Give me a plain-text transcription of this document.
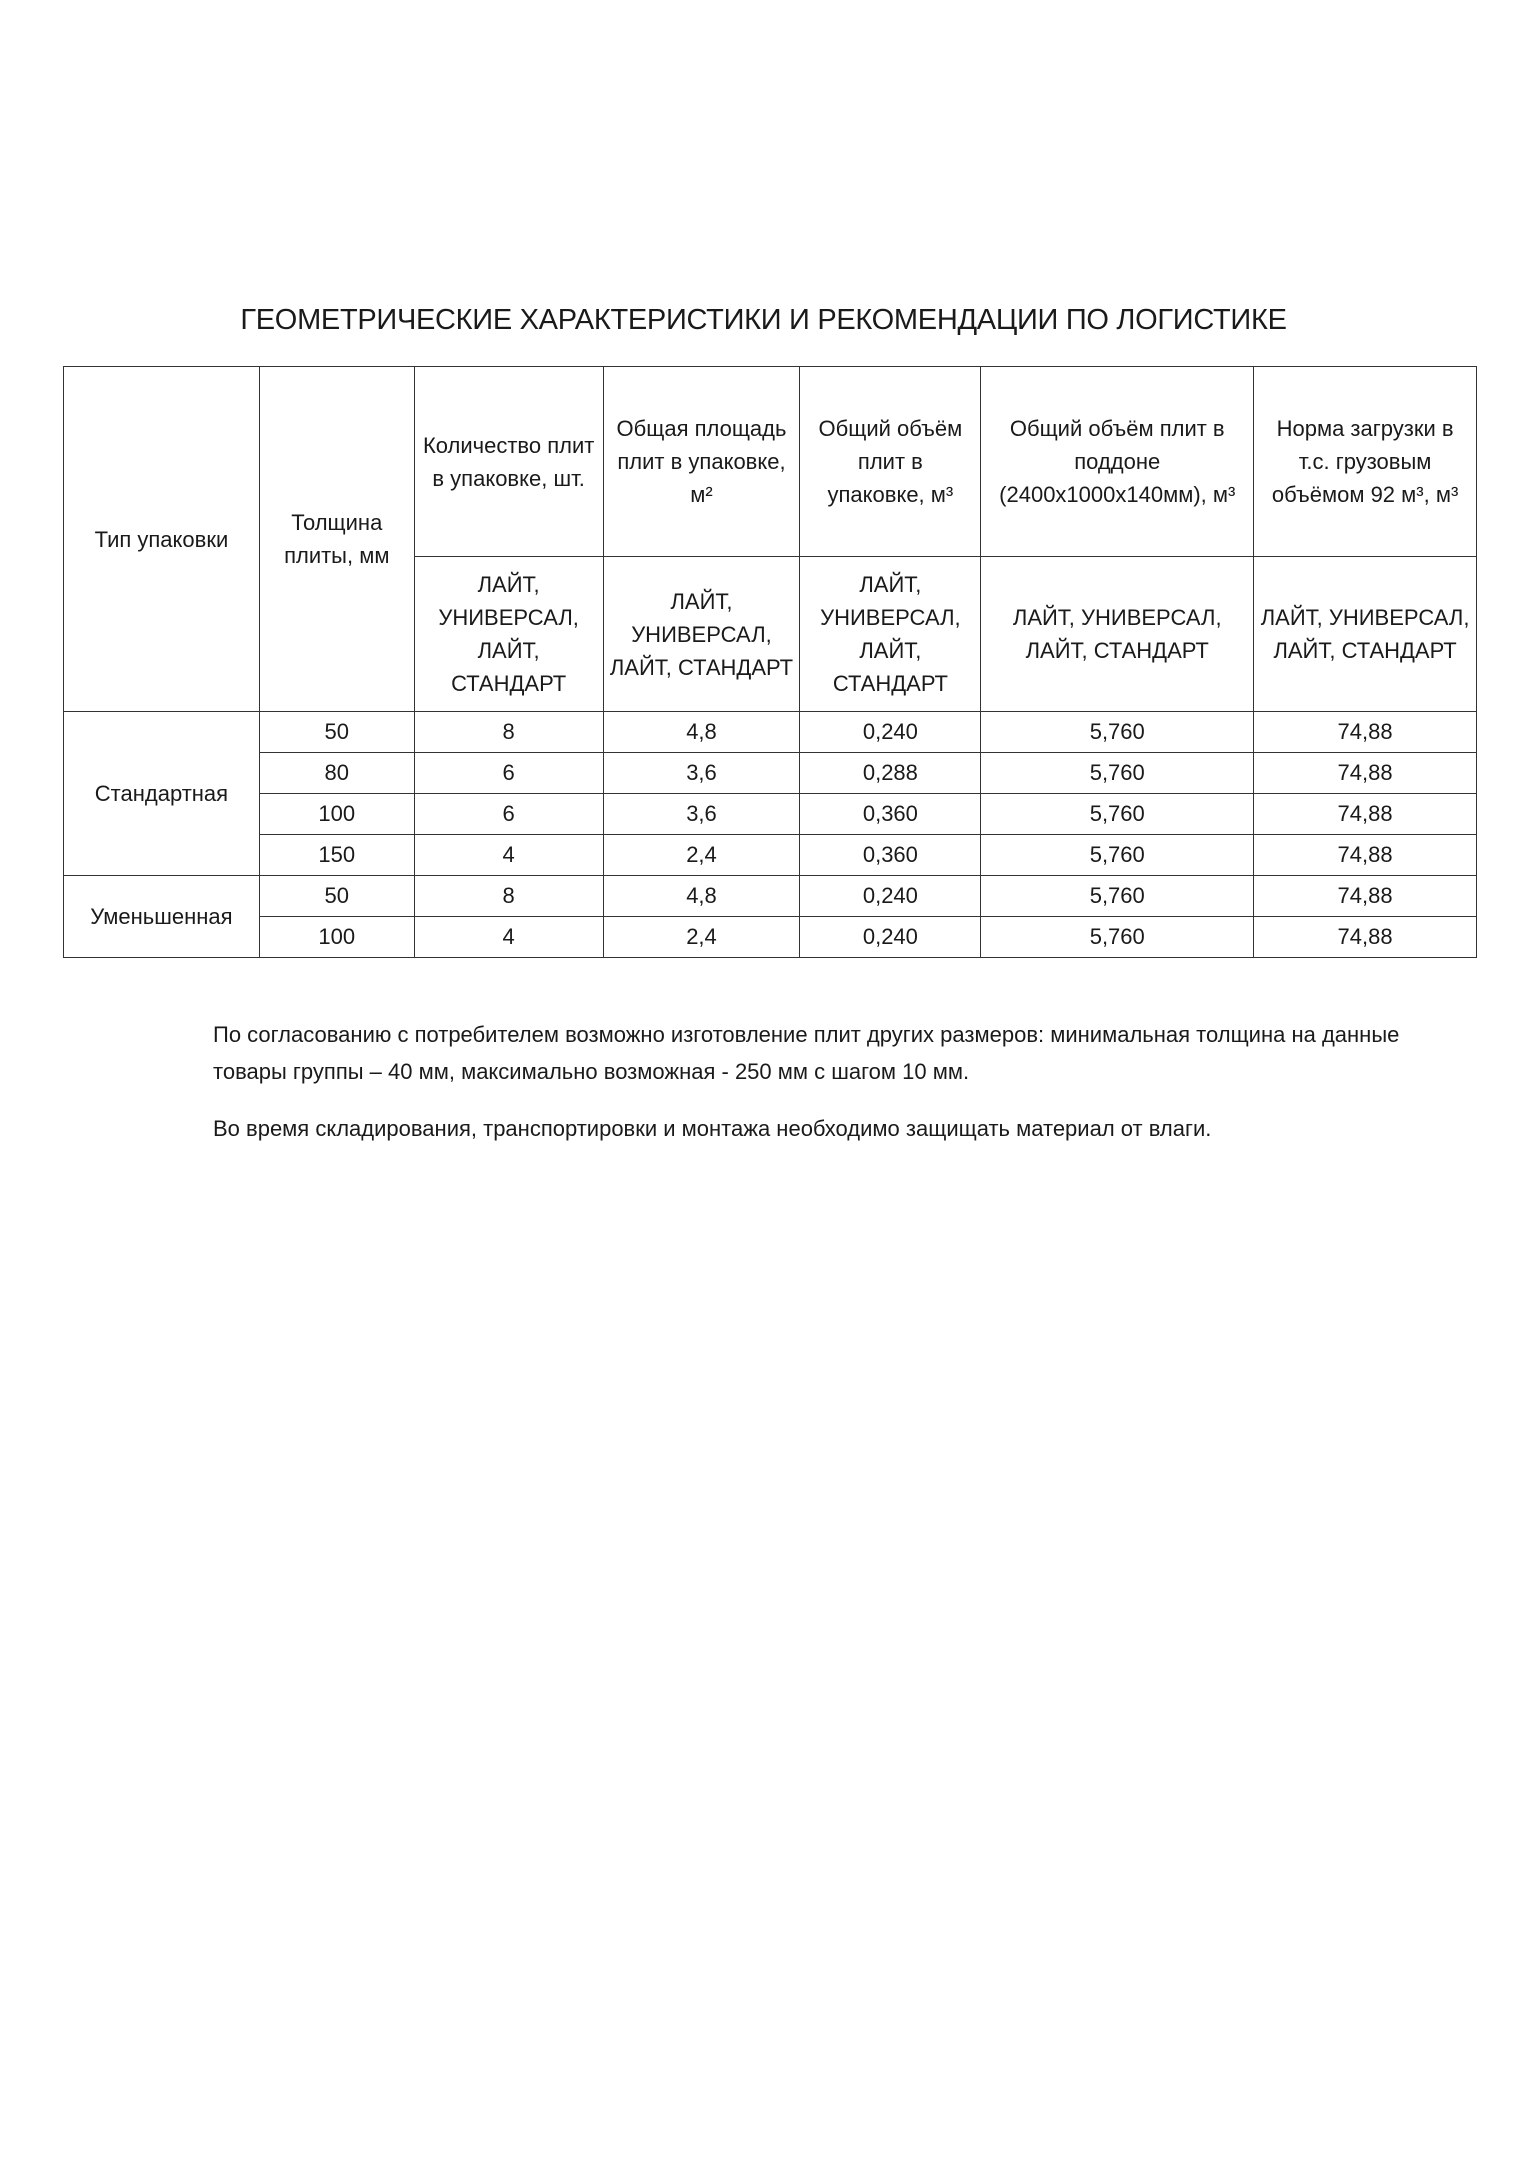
ГЕОМЕТРИЧЕСКИЕ ХАРАКТЕРИСТИКИ И РЕКОМЕНДАЦИИ ПО ЛОГИСТИКЕ
Тип упаковки	Толщина плиты, мм	Количество плит в упаковке, шт.	Общая площадь плит в упаковке, м²	Общий объём плит в упаковке, м³	Общий объём плит в поддоне (2400x1000x140мм), м³	Норма загрузки в т.с. грузовым объёмом 92 м³, м³
		ЛАЙТ, УНИВЕРСАЛ, ЛАЙТ, СТАНДАРТ	ЛАЙТ, УНИВЕРСАЛ, ЛАЙТ, СТАНДАРТ	ЛАЙТ, УНИВЕРСАЛ, ЛАЙТ, СТАНДАРТ	ЛАЙТ, УНИВЕРСАЛ, ЛАЙТ, СТАНДАРТ	ЛАЙТ, УНИВЕРСАЛ, ЛАЙТ, СТАНДАРТ
Стандартная	50	8	4,8	0,240	5,760	74,88
	80	6	3,6	0,288	5,760	74,88
	100	6	3,6	0,360	5,760	74,88
	150	4	2,4	0,360	5,760	74,88
Уменьшенная	50	8	4,8	0,240	5,760	74,88
	100	4	2,4	0,240	5,760	74,88

По согласованию с потребителем возможно изготовление плит других размеров: минимальная толщина на данные товары группы – 40 мм, максимально возможная - 250 мм с шагом 10 мм.

Во время складирования, транспортировки и монтажа необходимо защищать материал от влаги.
